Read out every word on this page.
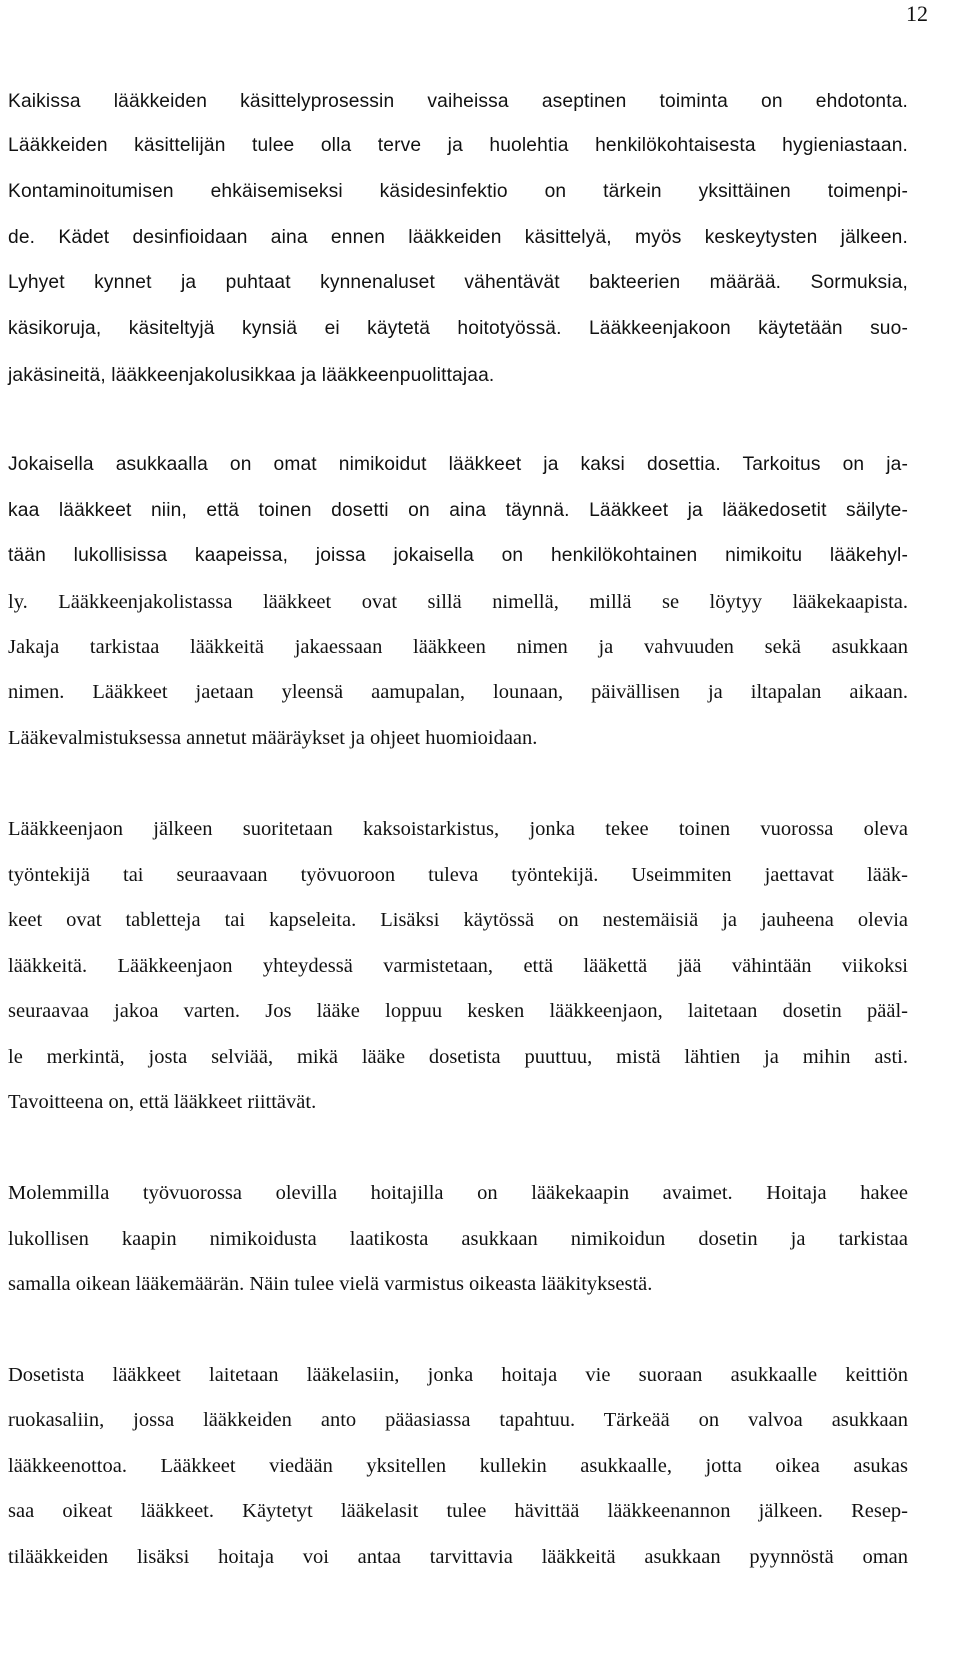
12
Kaikissa lääkkeiden käsittelyprosessin vaiheissa aseptinen toiminta on ehdotonta.
Lääkkeiden käsittelijän tulee olla terve ja huolehtia henkilökohtaisesta hygieniastaan.
Kontaminoitumisen ehkäisemiseksi käsidesinfektio on tärkein yksittäinen toimenpi-
de. Kädet desinfioidaan aina ennen lääkkeiden käsittelyä, myös keskeytysten jälkeen.
Lyhyet kynnet ja puhtaat kynnenaluset vähentävät bakteerien määrää. Sormuksia,
käsikoruja, käsiteltyjä kynsiä ei käytetä hoitotyössä. Lääkkeenjakoon käytetään suo-
jakäsineitä, lääkkeenjakolusikkaa ja lääkkeenpuolittajaa.
Jokaisella asukkaalla on omat nimikoidut lääkkeet ja kaksi dosettia. Tarkoitus on ja-
kaa lääkkeet niin, että toinen dosetti on aina täynnä. Lääkkeet ja lääkedosetit säilyte-
tään lukollisissa kaapeissa, joissa jokaisella on henkilökohtainen nimikoitu lääkehyl-
ly. Lääkkeenjakolistassa lääkkeet ovat sillä nimellä, millä se löytyy lääkekaapista.
Jakaja tarkistaa lääkkeitä jakaessaan lääkkeen nimen ja vahvuuden sekä asukkaan
nimen. Lääkkeet jaetaan yleensä aamupalan, lounaan, päivällisen ja iltapalan aikaan.
Lääkevalmistuksessa annetut määräykset ja ohjeet huomioidaan.
Lääkkeenjaon jälkeen suoritetaan kaksoistarkistus, jonka tekee toinen vuorossa oleva
työntekijä tai seuraavaan työvuoroon tuleva työntekijä. Useimmiten jaettavat lääk-
keet ovat tabletteja tai kapseleita. Lisäksi käytössä on nestemäisiä ja jauheena olevia
lääkkeitä. Lääkkeenjaon yhteydessä varmistetaan, että lääkettä jää vähintään viikoksi
seuraavaa jakoa varten. Jos lääke loppuu kesken lääkkeenjaon, laitetaan dosetin pääl-
le merkintä, josta selviää, mikä lääke dosetista puuttuu, mistä lähtien ja mihin asti.
Tavoitteena on, että lääkkeet riittävät.
Molemmilla työvuorossa olevilla hoitajilla on lääkekaapin avaimet. Hoitaja hakee
lukollisen kaapin nimikoidusta laatikosta asukkaan nimikoidun dosetin ja tarkistaa
samalla oikean lääkemäärän. Näin tulee vielä varmistus oikeasta lääkityksestä.
Dosetista lääkkeet laitetaan lääkelasiin, jonka hoitaja vie suoraan asukkaalle keittiön
ruokasaliin, jossa lääkkeiden anto pääasiassa tapahtuu. Tärkeää on valvoa asukkaan
lääkkeenottoa. Lääkkeet viedään yksitellen kullekin asukkaalle, jotta oikea asukas
saa oikeat lääkkeet. Käytetyt lääkelasit tulee hävittää lääkkeenannon jälkeen. Resep-
tilääkkeiden lisäksi hoitaja voi antaa tarvittavia lääkkeitä asukkaan pyynnöstä oman
